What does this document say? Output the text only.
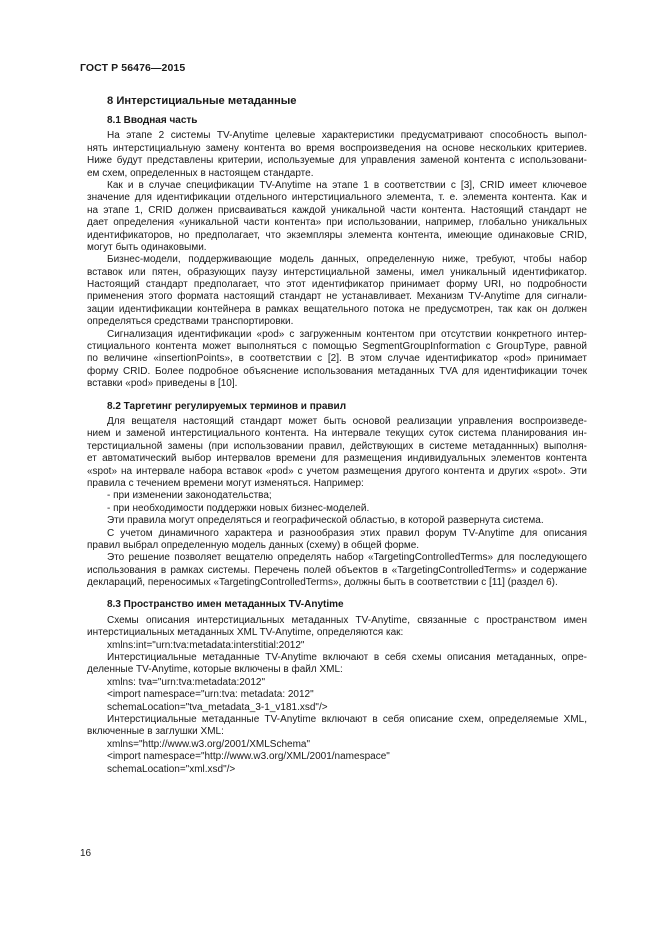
ГОСТ Р 56476—2015
8 Интерстициальные метаданные
8.1 Вводная часть
На этапе 2 системы TV-Anytime целевые характеристики предусматривают способность выпол-
нять интерстициальную замену контента во время воспроизведения на основе нескольких критериев.
Ниже будут представлены критерии, используемые для управления заменой контента с использовани-
ем схем, определенных в настоящем стандарте.
Как и в случае спецификации TV-Anytime на этапе 1 в соответствии с [3], CRID имеет ключевое
значение для идентификации отдельного интерстициального элемента, т. е. элемента контента. Как и
на этапе 1, CRID должен присваиваться каждой уникальной части контента. Настоящий стандарт не
дает определения «уникальной части контента» при использовании, например, глобально уникальных
идентификаторов, но предполагает, что экземпляры элемента контента, имеющие одинаковые CRID,
могут быть одинаковыми.
Бизнес-модели, поддерживающие модель данных, определенную ниже, требуют, чтобы набор
вставок или пятен, образующих паузу интерстициальной замены, имел уникальный идентификатор.
Настоящий стандарт предполагает, что этот идентификатор принимает форму URI, но подробности
применения этого формата настоящий стандарт не устанавливает. Механизм TV-Anytime для сигнали-
зации идентификации контейнера в рамках вещательного потока не предусмотрен, так как он должен
определяться средствами транспортировки.
Сигнализация идентификации «pod» с загруженным контентом при отсутствии конкретного интер-
стициального контента может выполняться с помощью SegmentGroupInformation с GroupType, равной
по величине «insertionPoints», в соответствии с [2]. В этом случае идентификатор «pod» принимает
форму CRID. Более подробное объяснение использования метаданных TVA для идентификации точек
вставки «pod» приведены в [10].
8.2 Таргетинг регулируемых терминов и правил
Для вещателя настоящий стандарт может быть основой реализации управления воспроизведе-
нием и заменой интерстициального контента. На интервале текущих суток система планирования ин-
терстициальной замены (при использовании правил, действующих в системе метаданнных) выполня-
ет автоматический выбор интервалов времени для размещения индивидуальных элементов контента
«spot» на интервале набора вставок «pod» с учетом размещения другого контента и других «spot». Эти
правила с течением времени могут изменяться. Например:
- при изменении законодательства;
- при необходимости поддержки новых бизнес-моделей.
Эти правила могут определяться и географической областью, в которой развернута система.
С учетом динамичного характера и разнообразия этих правил форум TV-Anytime для описания
правил выбрал определенную модель данных (схему) в общей форме.
Это решение позволяет вещателю определять набор «TargetingControlledTerms» для последующего
использования в рамках системы. Перечень полей объектов в «TargetingControlledTerms» и содержание
деклараций, переносимых «TargetingControlledTerms», должны быть в соответствии с [11] (раздел 6).
8.3 Пространство имен метаданных TV-Anytime
Схемы описания интерстициальных метаданных TV-Anytime, связанные с пространством имен
интерстициальных метаданных XML TV-Anytime, определяются как:
xmlns:int="urn:tva:metadata:interstitial:2012"
Интерстициальные метаданные TV-Anytime включают в себя схемы описания метаданных, опре-
деленные TV-Anytime, которые включены в файл XML:
xmlns: tva="urn:tva:metadata:2012"
<import namespace="urn:tva: metadata: 2012"
schemaLocation="tva_metadata_3-1_v181.xsd"/>
Интерстициальные метаданные TV-Anytime включают в себя описание схем, определяемые XML,
включенные в заглушки XML:
xmlns="http://www.w3.org/2001/XMLSchema"
<import namespace="http://www.w3.org/XML/2001/namespace"
schemaLocation="xml.xsd"/>
16
